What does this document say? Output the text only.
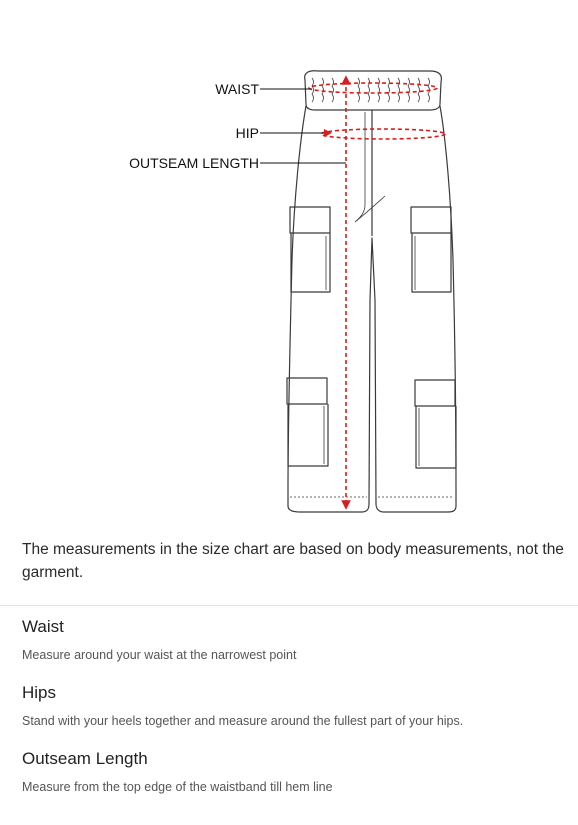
WAIST
HIP
OUTSEAM LENGTH

The measurements in the size chart are based on body measurements, not the garment.

Waist
Measure around your waist at the narrowest point
Hips
Stand with your heels together and measure around the fullest part of your hips.
Outseam Length
Measure from the top edge of the waistband till hem line
